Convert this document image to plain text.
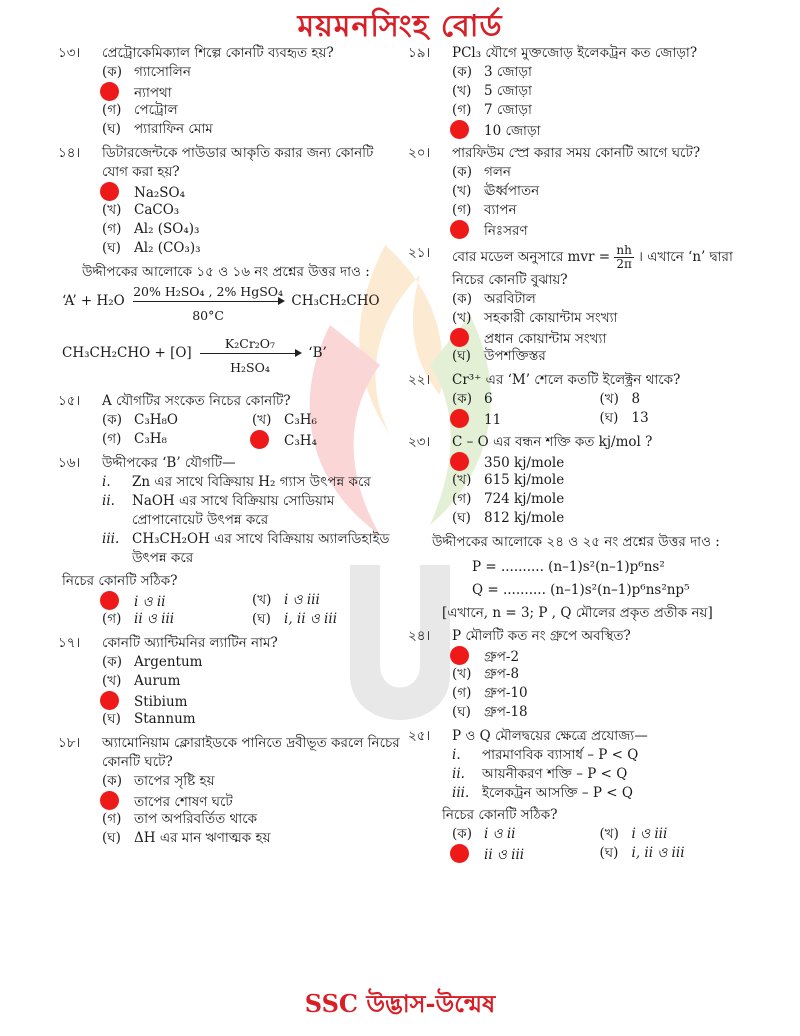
ময়মনসিংহ বোর্ড
১৩।	প্রেট্রোকেমিক্যাল শিল্পে কোনটি ব্যবহৃত হয়?
(ক) গ্যাসোলিন
ন্যাপথা
(গ) পেট্রোল
(ঘ) প্যারাফিন মোম
১৪।	ডিটারজেন্টকে পাউডার আকৃতি করার জন্য কোনটি যোগ করা হয়?
Na₂SO₄
(খ) CaCO₃
(গ) Al₂ (SO₄)₃
(ঘ) Al₂ (CO₃)₃
উদ্দীপকের আলোকে ১৫ ও ১৬ নং প্রশ্নের উত্তর দাও :
‘A’ + H₂O
20% H₂SO₄ , 2% HgSO₄
80°C
CH₃CH₂CHO
CH₃CH₂CHO + [O]
K₂Cr₂O₇
H₂SO₄
‘B’
১৫।	A যৌগটির সংকেত নিচের কোনটি?
(ক) C₃H₈O	(খ) C₃H₆
(গ) C₃H₈	C₃H₄
১৬।	উদ্দীপকের ‘B’ যৌগটি—
i. Zn এর সাথে বিক্রিয়ায় H₂ গ্যাস উৎপন্ন করে
ii. NaOH এর সাথে বিক্রিয়ায় সোডিয়াম প্রোপানোয়েট উৎপন্ন করে
iii. CH₃CH₂OH এর সাথে বিক্রিয়ায় অ্যালডিহাইড উৎপন্ন করে
নিচের কোনটি সঠিক?
i ও ii	(খ) i ও iii
(গ) ii ও iii	(ঘ) i, ii ও iii
১৭।	কোনটি অ্যান্টিমনির ল্যাটিন নাম?
(ক) Argentum
(খ) Aurum
Stibium
(ঘ) Stannum
১৮।	অ্যামোনিয়াম ক্লোরাইডকে পানিতে দ্রবীভূত করলে নিচের কোনটি ঘটে?
(ক) তাপের সৃষ্টি হয়
তাপের শোষণ ঘটে
(গ) তাপ অপরিবর্তিত থাকে
(ঘ) ΔH এর মান ঋণাত্মক হয়
১৯।	PCl₃ যৌগে মুক্তজোড় ইলেকট্রন কত জোড়া?
(ক) 3 জোড়া
(খ) 5 জোড়া
(গ) 7 জোড়া
10 জোড়া
২০।	পারফিউম স্প্রে করার সময় কোনটি আগে ঘটে?
(ক) গলন
(খ) ঊর্ধ্বপাতন
(গ) ব্যাপন
নিঃসরণ
২১।	বোর মডেল অনুসারে mvr = $\frac{nh}{2\pi}$ । এখানে ‘n’ দ্বারা নিচের কোনটি বুঝায়?
(ক) অরবিটাল
(খ) সহকারী কোয়ান্টাম সংখ্যা
প্রধান কোয়ান্টাম সংখ্যা
(ঘ) উপশক্তিস্তর
২২।	Cr³⁺ এর ‘M’ শেলে কতটি ইলেক্ট্রন থাকে?
(ক) 6	(খ) 8
11	(ঘ) 13
২৩।	C – O এর বন্ধন শক্তি কত kj/mol ?
350 kj/mole
(খ) 615 kj/mole
(গ) 724 kj/mole
(ঘ) 812 kj/mole
উদ্দীপকের আলোকে ২৪ ও ২৫ নং প্রশ্নের উত্তর দাও :
P = .......... (n–1)s²(n–1)p⁶ns²
Q = .......... (n–1)s²(n–1)p⁶ns²np⁵
[এখানে, n = 3; P , Q মৌলের প্রকৃত প্রতীক নয়]
২৪।	P মৌলটি কত নং গ্রুপে অবস্থিত?
গ্রুপ-2
(খ) গ্রুপ-8
(গ) গ্রুপ-10
(ঘ) গ্রুপ-18
২৫।	P ও Q মৌলদ্বয়ের ক্ষেত্রে প্রযোজ্য—
i. পারমাণবিক ব্যাসার্ধ – P < Q
ii. আয়নীকরণ শক্তি – P < Q
iii. ইলেকট্রন আসক্তি – P < Q
নিচের কোনটি সঠিক?
(ক) i ও ii	(খ) i ও iii
ii ও iii	(ঘ) i, ii ও iii
SSC উদ্ভাস-উন্মেষ
